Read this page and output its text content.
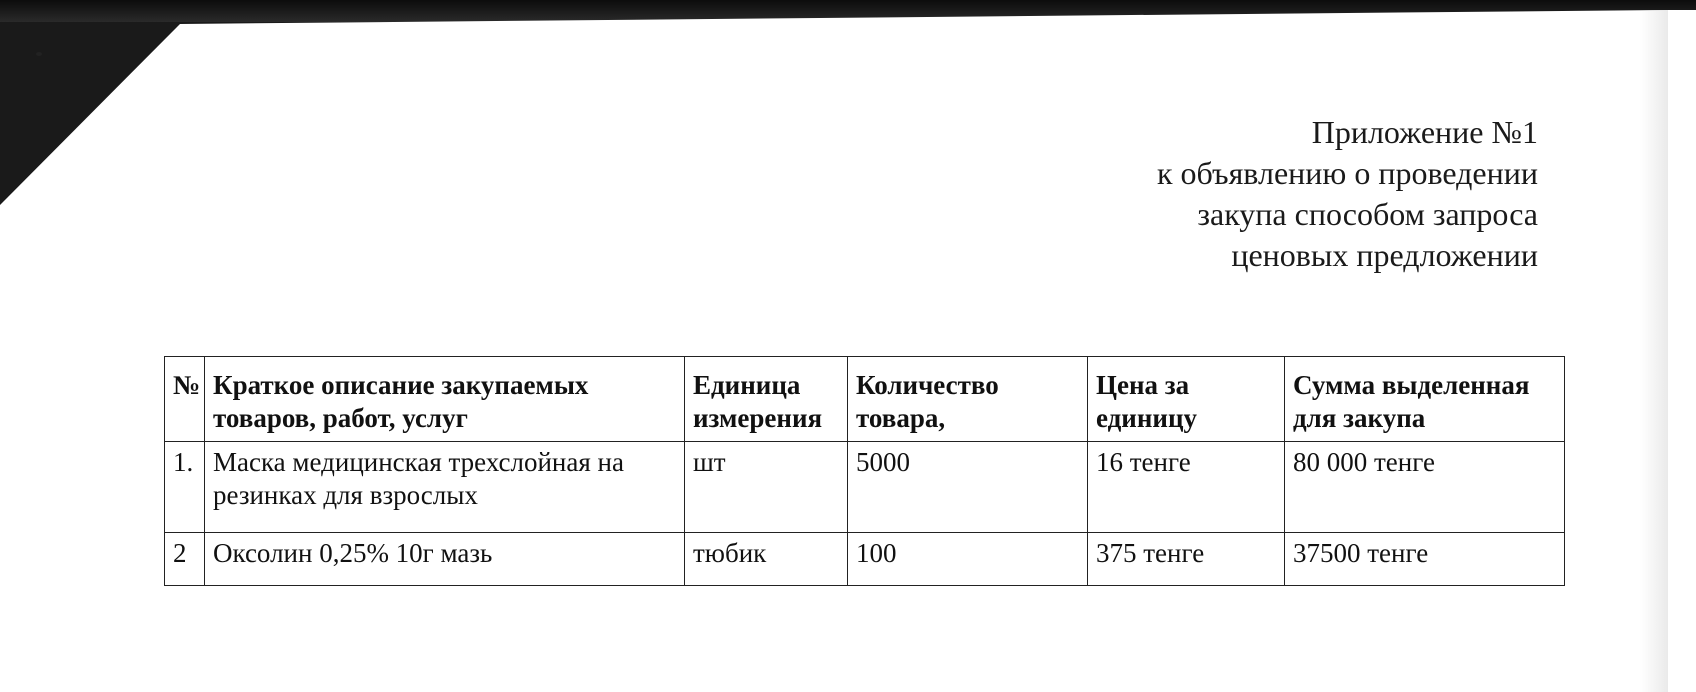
Приложение №1
к объявлению о проведении
закупа способом запроса
ценовых предложении
№	Краткое описание закупаемых товаров, работ, услуг	Единица измерения	Количество товара,	Цена за единицу	Сумма выделенная для закупа
1.	Маска медицинская трехслойная на резинках для взрослых	шт	5000	16 тенге	80 000 тенге
2	Оксолин 0,25% 10г мазь	тюбик	100	375 тенге	37500 тенге
